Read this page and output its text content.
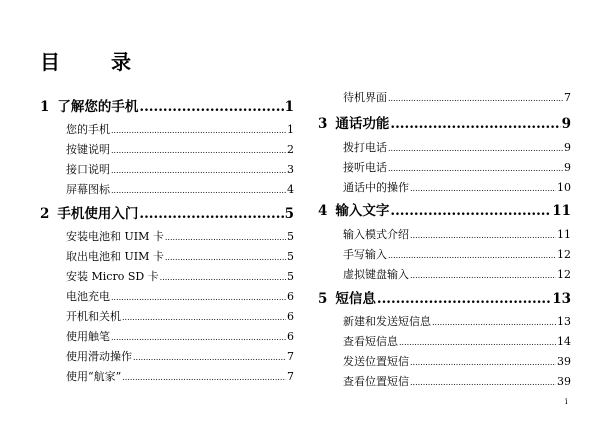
目 录
1 了解您的手机 .....	1
您的手机 .....	1
按键说明 .....	2
接口说明 .....	3
屏幕图标 .....	4
2 手机使用入门 .....	5
安装电池和 UIM 卡 .....	5
取出电池和 UIM 卡 .....	5
安装 Micro SD 卡 .....	5
电池充电 .....	6
开机和关机 .....	6
使用触笔 .....	6
使用滑动操作 .....	7
使用“航家” .....	7
待机界面 .....	7
3 通话功能 .....	9
拨打电话 .....	9
接听电话 .....	9
通话中的操作 .....	10
4 输入文字 .....	11
输入模式介绍 .....	11
手写输入 .....	12
虚拟键盘输入 .....	12
5 短信息 .....	13
新建和发送短信息 .....	13
查看短信息 .....	14
发送位置短信 .....	39
查看位置短信 .....	39
i
